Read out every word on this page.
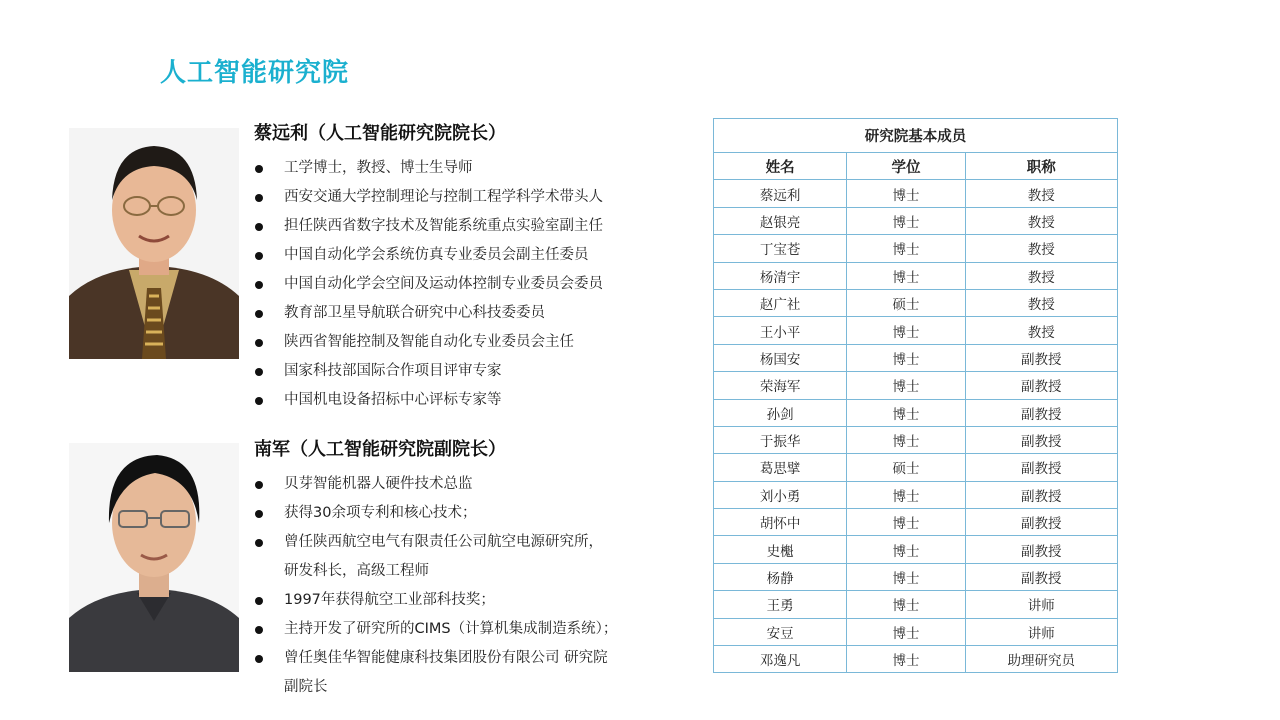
人工智能研究院
蔡远利（人工智能研究院院长）
工学博士，教授、博士生导师
西安交通大学控制理论与控制工程学科学术带头人
担任陕西省数字技术及智能系统重点实验室副主任
中国自动化学会系统仿真专业委员会副主任委员
中国自动化学会空间及运动体控制专业委员会委员
教育部卫星导航联合研究中心科技委委员
陕西省智能控制及智能自动化专业委员会主任
国家科技部国际合作项目评审专家
中国机电设备招标中心评标专家等
南军（人工智能研究院副院长）
贝芽智能机器人硬件技术总监
获得30余项专利和核心技术；
曾任陕西航空电气有限责任公司航空电源研究所，
研发科长，高级工程师
1997年获得航空工业部科技奖；
主持开发了研究所的CIMS（计算机集成制造系统）；
曾任奥佳华智能健康科技集团股份有限公司 研究院
副院长
研究院基本成员		
姓名	学位	职称
蔡远利	博士	教授
赵银亮	博士	教授
丁宝苍	博士	教授
杨清宇	博士	教授
赵广社	硕士	教授
王小平	博士	教授
杨国安	博士	副教授
荣海军	博士	副教授
孙剑	博士	副教授
于振华	博士	副教授
葛思擘	硕士	副教授
刘小勇	博士	副教授
胡怀中	博士	副教授
史櫆	博士	副教授
杨静	博士	副教授
王勇	博士	讲师
安豆	博士	讲师
邓逸凡	博士	助理研究员
